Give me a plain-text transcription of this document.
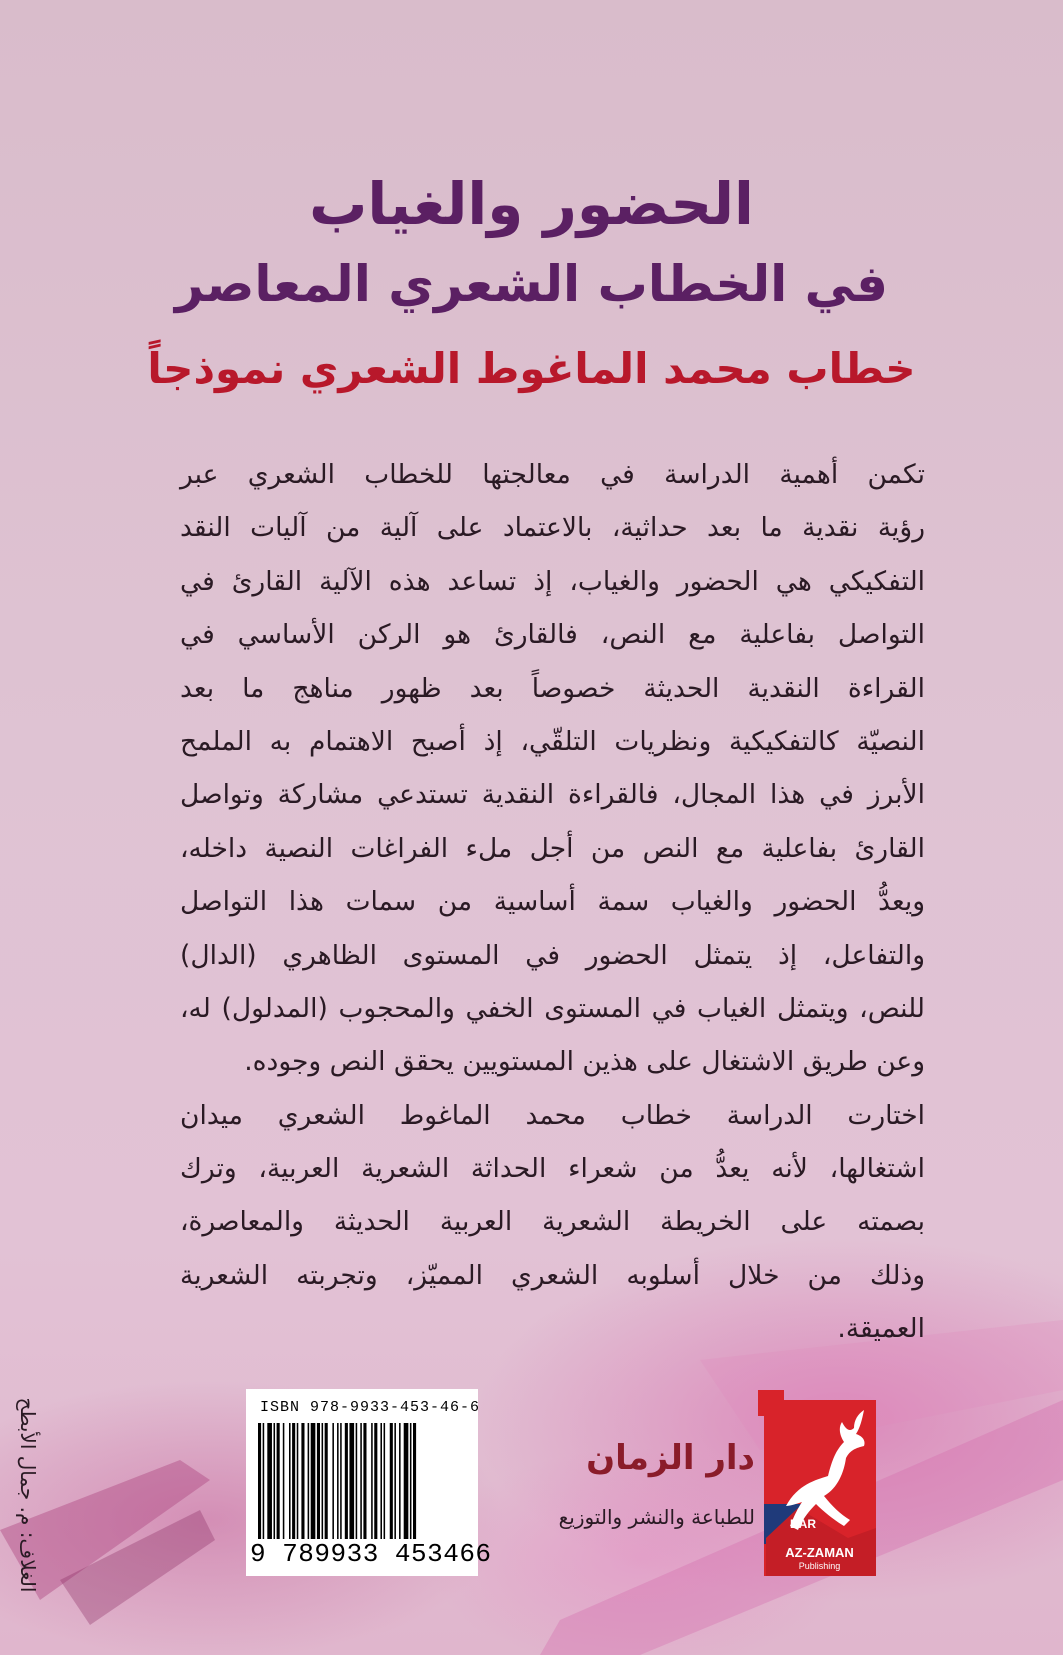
الحضور والغياب
في الخطاب الشعري المعاصر
خطاب محمد الماغوط الشعري نموذجاً
تكمن أهمية الدراسة في معالجتها للخطاب الشعري عبر
رؤية نقدية ما بعد حداثية، بالاعتماد على آلية من آليات النقد
التفكيكي هي الحضور والغياب، إذ تساعد هذه الآلية القارئ في
التواصل بفاعلية مع النص، فالقارئ هو الركن الأساسي في
القراءة النقدية الحديثة خصوصاً بعد ظهور مناهج ما بعد
النصيّة كالتفكيكية ونظريات التلقّي، إذ أصبح الاهتمام به الملمح
الأبرز في هذا المجال، فالقراءة النقدية تستدعي مشاركة وتواصل
القارئ بفاعلية مع النص من أجل ملء الفراغات النصية داخله،
ويعدُّ الحضور والغياب سمة أساسية من سمات هذا التواصل
والتفاعل، إذ يتمثل الحضور في المستوى الظاهري (الدال)
للنص، ويتمثل الغياب في المستوى الخفي والمحجوب (المدلول) له،
وعن طريق الاشتغال على هذين المستويين يحقق النص وجوده.
اختارت الدراسة خطاب محمد الماغوط الشعري ميدان
اشتغالها، لأنه يعدُّ من شعراء الحداثة الشعرية العربية، وترك
بصمته على الخريطة الشعرية العربية الحديثة والمعاصرة،
وذلك من خلال أسلوبه الشعري المميّز، وتجربته الشعرية
العميقة.
الغلاف: م. جمال الأبطح	ISBN 978-9933-453-46-6
9 789933 453466
دار الزمان
للطباعة والنشر والتوزيع	DAR
AZ-ZAMAN
Publishing
